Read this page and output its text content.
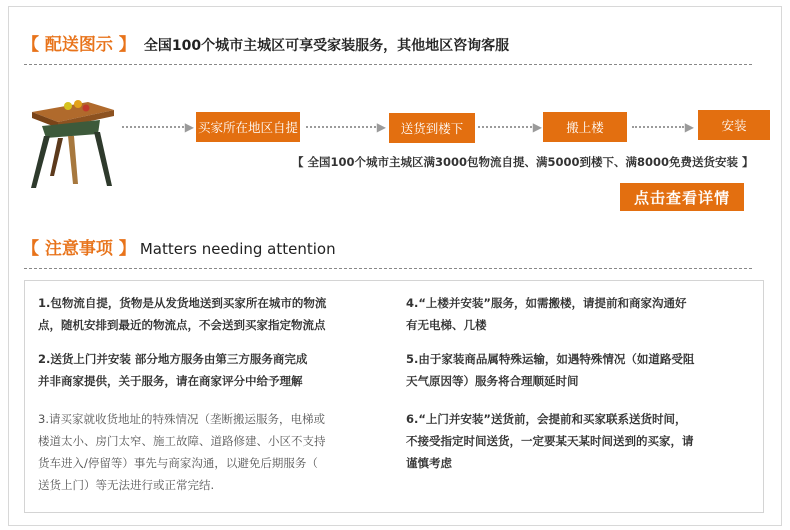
【 配送图示 】 全国100个城市主城区可享受家装服务，其他地区咨询客服
▶ 买家所在地区自提	▶	送货到楼下	▶	搬上楼	▶	安装
【 全国100个城市主城区满3000包物流自提、满5000到楼下、满8000免费送货安装 】
点击查看详情
【 注意事项 】 Matters needing attention
1.包物流自提，货物是从发货地送到买家所在城市的物流
点，随机安排到最近的物流点，不会送到买家指定物流点
2.送货上门并安装 部分地方服务由第三方服务商完成
并非商家提供，关于服务，请在商家评分中给予理解
3.请买家就收货地址的特殊情况（垄断搬运服务，电梯或
楼道太小、房门太窄、施工故障、道路修建、小区不支持
货车进入/停留等）事先与商家沟通，以避免后期服务（
送货上门）等无法进行或正常完结.
4.“上楼并安装”服务，如需搬楼，请提前和商家沟通好
有无电梯、几楼
5.由于家装商品属特殊运输，如遇特殊情况（如道路受阻
天气原因等）服务将合理顺延时间
6.“上门并安装”送货前，会提前和买家联系送货时间，
不接受指定时间送货，一定要某天某时间送到的买家，请
谨慎考虑
